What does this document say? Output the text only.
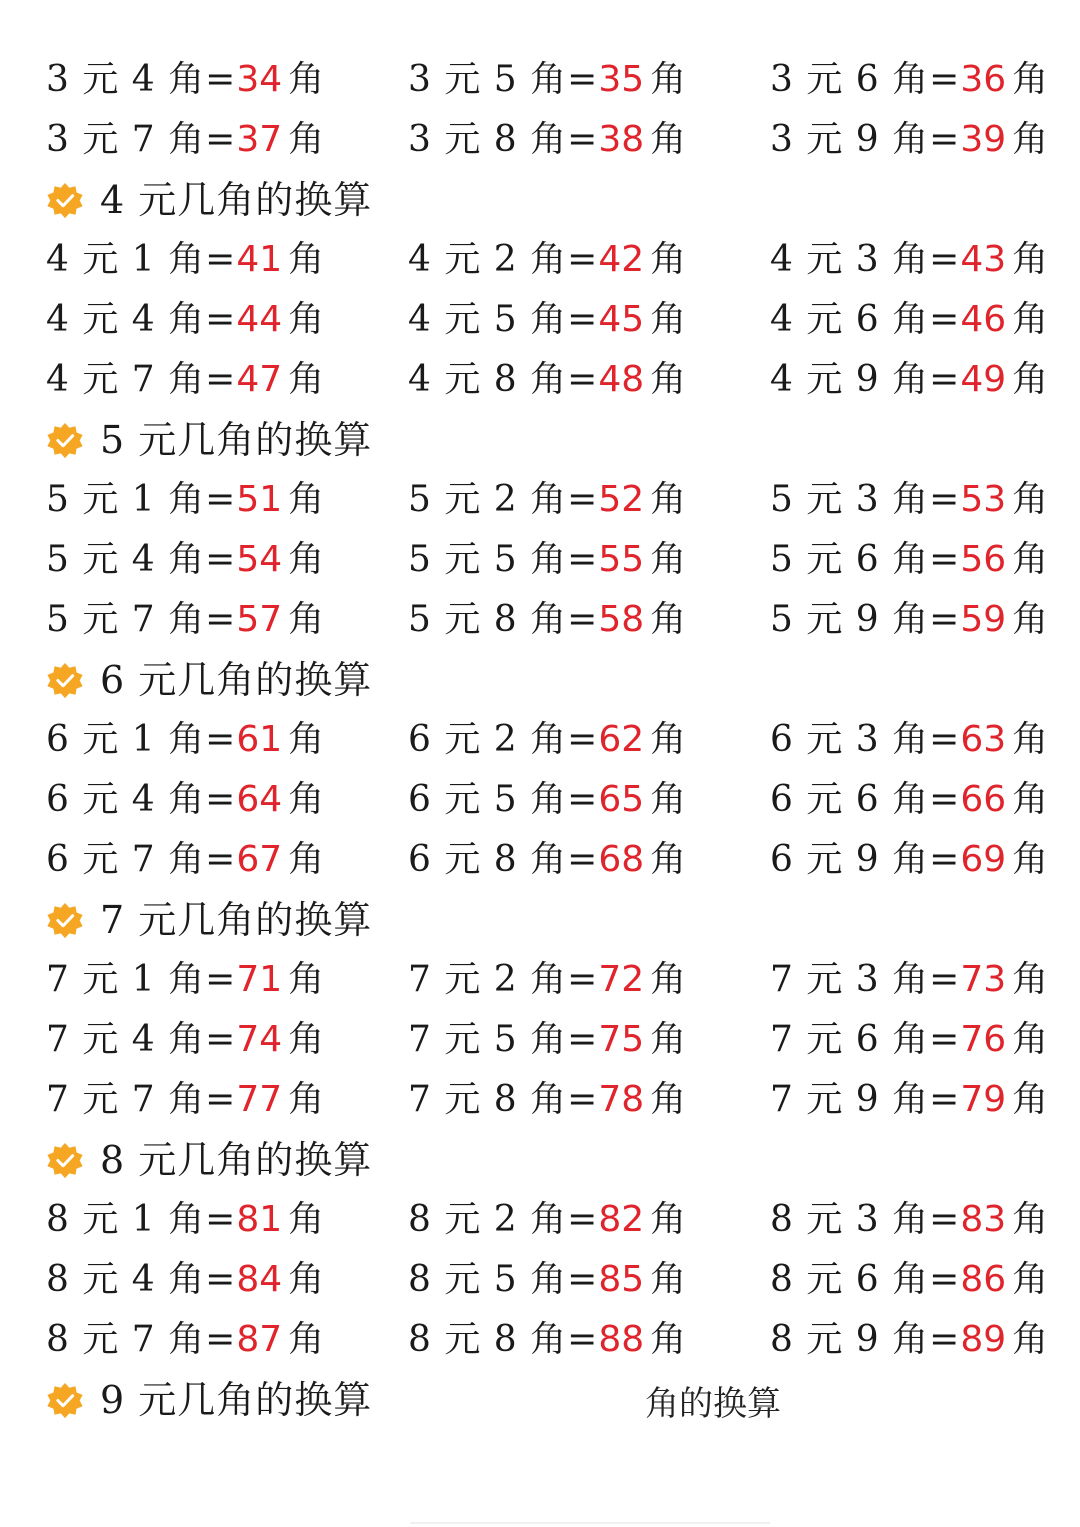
3 元 4 角=34 角 3 元 5 角=35 角 3 元 6 角=36 角
3 元 7 角=37 角 3 元 8 角=38 角 3 元 9 角=39 角
4 元几角的换算
4 元 1 角=41 角 4 元 2 角=42 角 4 元 3 角=43 角
4 元 4 角=44 角 4 元 5 角=45 角 4 元 6 角=46 角
4 元 7 角=47 角 4 元 8 角=48 角 4 元 9 角=49 角
5 元几角的换算
5 元 1 角=51 角 5 元 2 角=52 角 5 元 3 角=53 角
5 元 4 角=54 角 5 元 5 角=55 角 5 元 6 角=56 角
5 元 7 角=57 角 5 元 8 角=58 角 5 元 9 角=59 角
6 元几角的换算
6 元 1 角=61 角 6 元 2 角=62 角 6 元 3 角=63 角
6 元 4 角=64 角 6 元 5 角=65 角 6 元 6 角=66 角
6 元 7 角=67 角 6 元 8 角=68 角 6 元 9 角=69 角
7 元几角的换算
7 元 1 角=71 角 7 元 2 角=72 角 7 元 3 角=73 角
7 元 4 角=74 角 7 元 5 角=75 角 7 元 6 角=76 角
7 元 7 角=77 角 7 元 8 角=78 角 7 元 9 角=79 角
8 元几角的换算
8 元 1 角=81 角 8 元 2 角=82 角 8 元 3 角=83 角
8 元 4 角=84 角 8 元 5 角=85 角 8 元 6 角=86 角
8 元 7 角=87 角 8 元 8 角=88 角 8 元 9 角=89 角
9 元几角的换算	角的换算
